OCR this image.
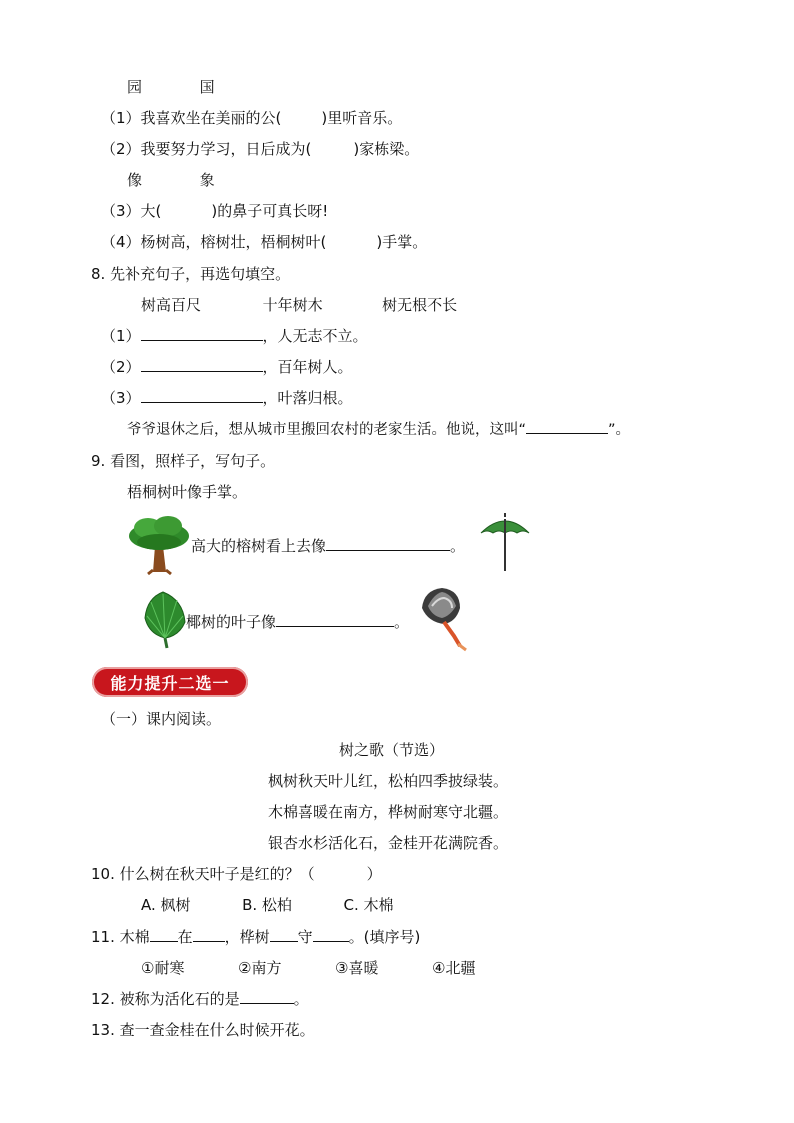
园	国
（1）我喜欢坐在美丽的公(	)里听音乐。
（2）我要努力学习，日后成为(	)家栋梁。
像	象
（3）大(	)的鼻子可真长呀!
（4）杨树高，榕树壮，梧桐树叶(	)手掌。
8. 先补充句子，再选句填空。
树高百尺	十年树木	树无根不长
（1）	，人无志不立。
（2）	，百年树人。
（3）	，叶落归根。
爷爷退休之后，想从城市里搬回农村的老家生活。他说，这叫“	”。
9. 看图，照样子，写句子。
梧桐树叶像手掌。
高大的榕树看上去像	。
椰树的叶子像	。
能力提升二选一
（一）课内阅读。
树之歌（节选）
枫树秋天叶儿红，松柏四季披绿装。
木棉喜暖在南方，桦树耐寒守北疆。
银杏水杉活化石，金桂开花满院香。
10. 什么树在秋天叶子是红的？（	）
A. 枫树	B. 松柏	C. 木棉
11. 木棉 在 ，桦树 守 。(填序号)
①耐寒	②南方	③喜暖	④北疆
12. 被称为活化石的是	。
13. 查一查金桂在什么时候开花。
